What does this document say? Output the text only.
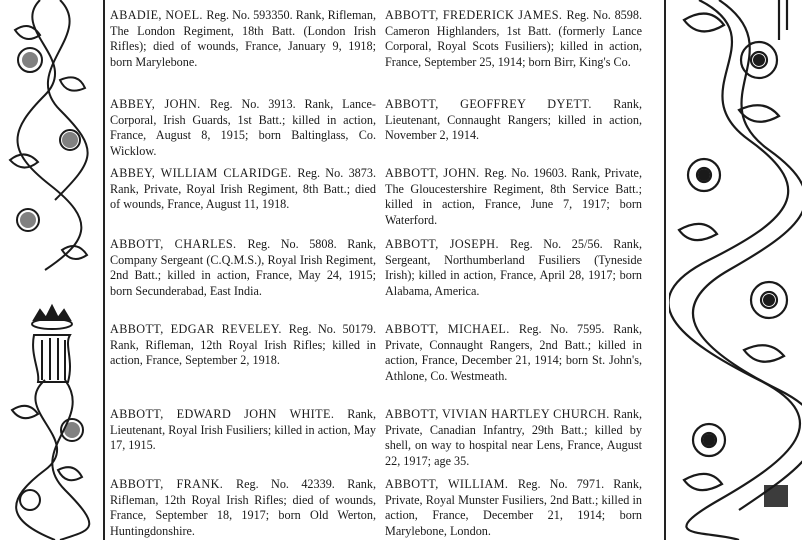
ABADIE, NOEL. Reg. No. 593350. Rank, Rifleman, The London Regiment, 18th Batt. (London Irish Rifles); died of wounds, France, January 9, 1918; born Marylebone.
ABBEY, JOHN. Reg. No. 3913. Rank, Lance-Corporal, Irish Guards, 1st Batt.; killed in action, France, August 8, 1915; born Baltinglass, Co. Wicklow.
ABBEY, WILLIAM CLARIDGE. Reg. No. 3873. Rank, Private, Royal Irish Regiment, 8th Batt.; died of wounds, France, August 11, 1918.
ABBOTT, CHARLES. Reg. No. 5808. Rank, Company Sergeant (C.Q.M.S.), Royal Irish Regiment, 2nd Batt.; killed in action, France, May 24, 1915; born Secunderabad, East India.
ABBOTT, EDGAR REVELEY. Reg. No. 50179. Rank, Rifleman, 12th Royal Irish Rifles; killed in action, France, September 2, 1918.
ABBOTT, EDWARD JOHN WHITE. Rank, Lieutenant, Royal Irish Fusiliers; killed in action, May 17, 1915.
ABBOTT, FRANK. Reg. No. 42339. Rank, Rifleman, 12th Royal Irish Rifles; died of wounds, France, September 18, 1917; born Old Werton, Huntingdonshire.
ABBOTT, FREDERICK JAMES. Reg. No. 8598. Cameron Highlanders, 1st Batt. (formerly Lance Corporal, Royal Scots Fusiliers); killed in action, France, September 25, 1914; born Birr, King's Co.
ABBOTT, GEOFFREY DYETT. Rank, Lieutenant, Connaught Rangers; killed in action, November 2, 1914.
ABBOTT, JOHN. Reg. No. 19603. Rank, Private, The Gloucestershire Regiment, 8th Service Batt.; killed in action, France, June 7, 1917; born Waterford.
ABBOTT, JOSEPH. Reg. No. 25/56. Rank, Sergeant, Northumberland Fusiliers (Tyneside Irish); killed in action, France, April 28, 1917; born Alabama, America.
ABBOTT, MICHAEL. Reg. No. 7595. Rank, Private, Connaught Rangers, 2nd Batt.; killed in action, France, December 21, 1914; born St. John's, Athlone, Co. Westmeath.
ABBOTT, VIVIAN HARTLEY CHURCH. Rank, Private, Canadian Infantry, 29th Batt.; killed by shell, on way to hospital near Lens, France, August 22, 1917; age 35.
ABBOTT, WILLIAM. Reg. No. 7971. Rank, Private, Royal Munster Fusiliers, 2nd Batt.; killed in action, France, December 21, 1914; born Marylebone, London.
